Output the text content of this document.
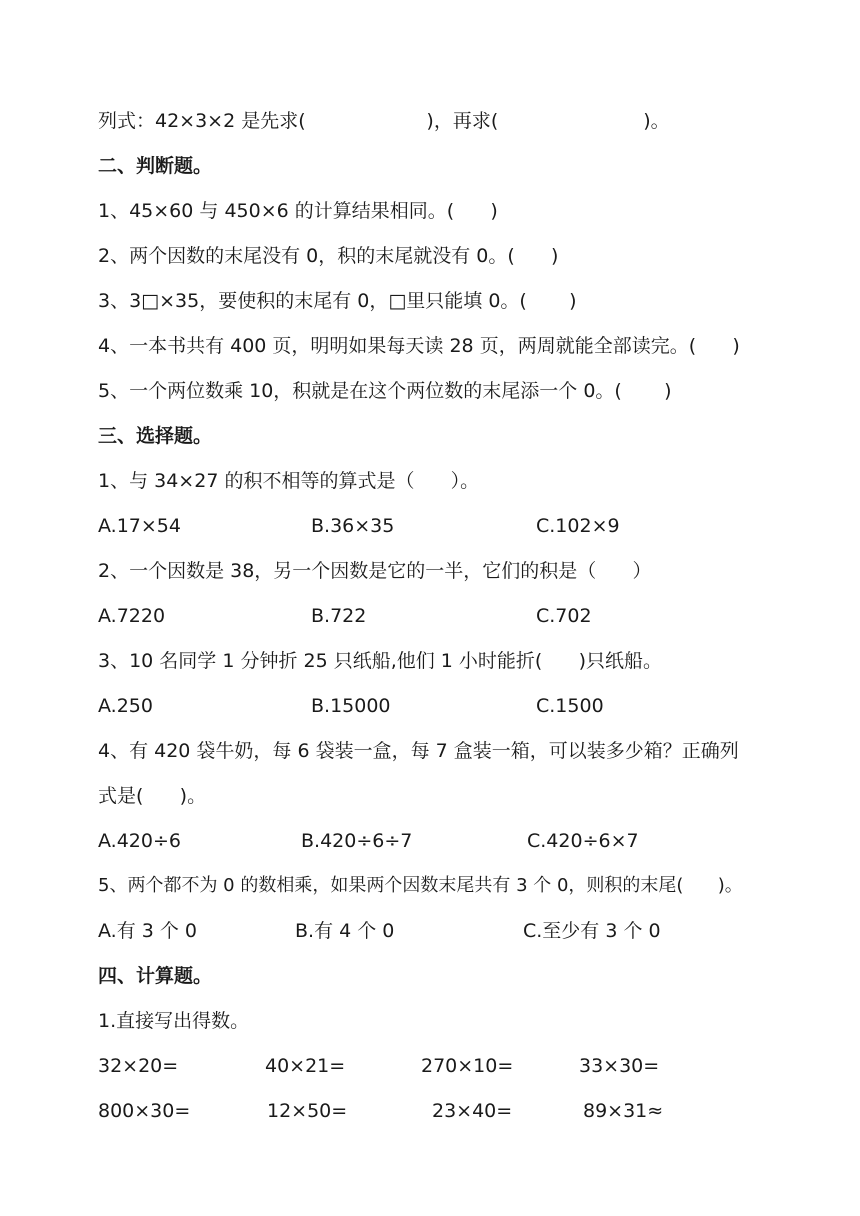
列式：42×3×2 是先求(                    )，再求(                        )。
二、判断题。
1、45×60 与 450×6 的计算结果相同。(      )
2、两个因数的末尾没有 0，积的末尾就没有 0。(      )
3、3□×35，要使积的末尾有 0，□里只能填 0。(       )
4、一本书共有 400 页，明明如果每天读 28 页，两周就能全部读完。(      )
5、一个两位数乘 10，积就是在这个两位数的末尾添一个 0。(       )
三、选择题。
1、与 34×27 的积不相等的算式是（      ）。
A.17×54	B.36×35	C.102×9
2、一个因数是 38，另一个因数是它的一半，它们的积是（      ）
A.7220	B.722	C.702
3、10 名同学 1 分钟折 25 只纸船,他们 1 小时能折(      )只纸船。
A.250	B.15000	C.1500
4、有 420 袋牛奶，每 6 袋装一盒，每 7 盒装一箱，可以装多少箱？正确列
式是(      )。
A.420÷6	B.420÷6÷7	C.420÷6×7
5、两个都不为 0 的数相乘，如果两个因数末尾共有 3 个 0，则积的末尾(      )。
A.有 3 个 0	B.有 4 个 0	C.至少有 3 个 0
四、计算题。
1.直接写出得数。
32×20=	40×21=	270×10=	33×30=
800×30=	12×50=	23×40=	89×31≈
